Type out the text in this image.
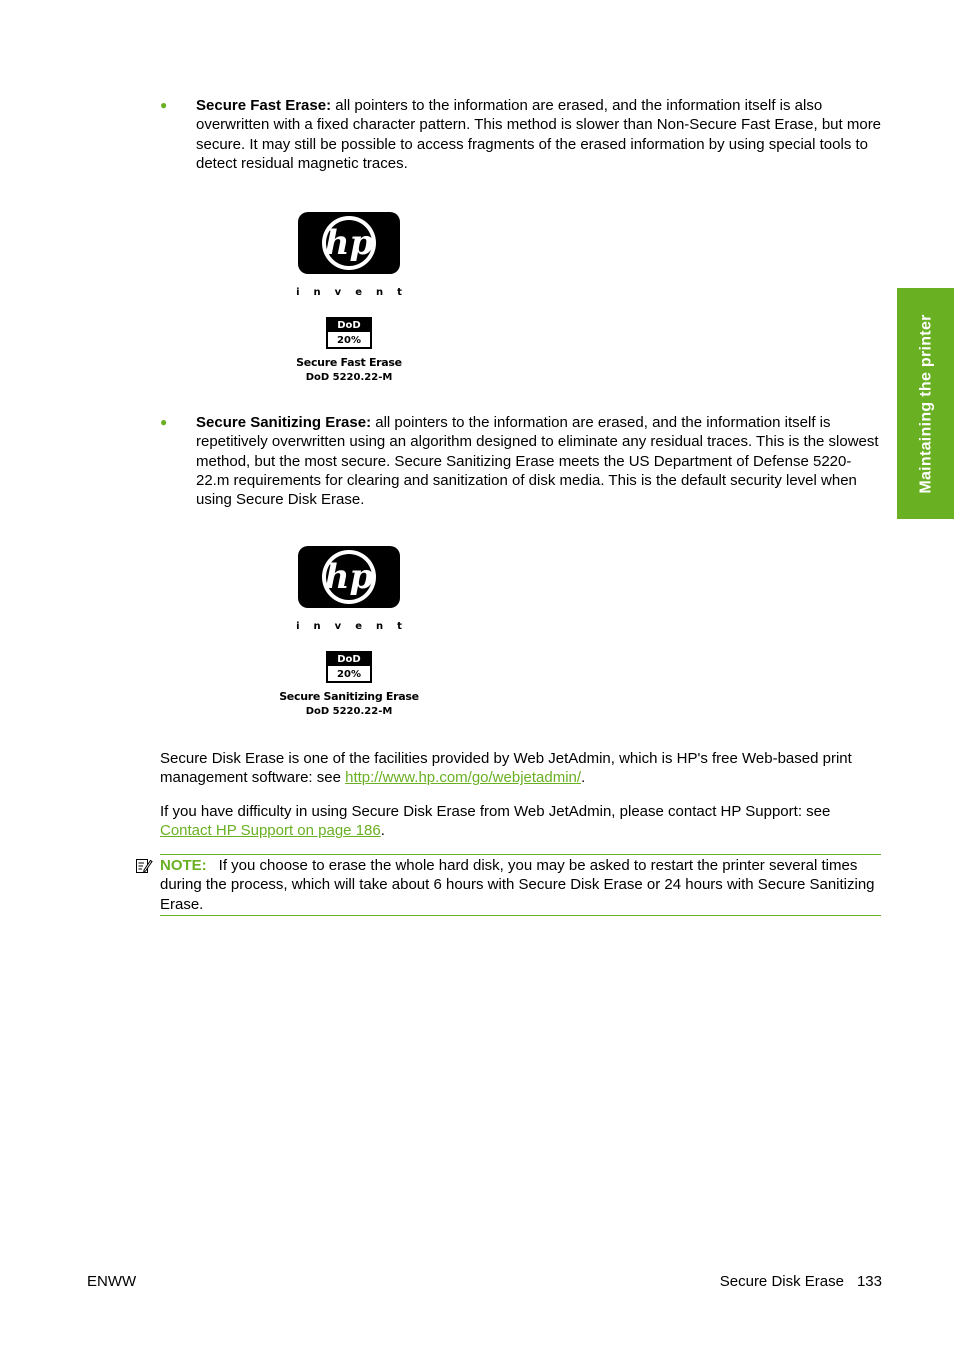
●	Secure Fast Erase: all pointers to the information are erased, and the information itself is also overwritten with a fixed character pattern. This method is slower than Non-Secure Fast Erase, but more secure. It may still be possible to access fragments of the erased information by using special tools to detect residual magnetic traces.
hp
invent
DoD
20%
Secure Fast Erase
DoD 5220.22-M
●	Secure Sanitizing Erase: all pointers to the information are erased, and the information itself is repetitively overwritten using an algorithm designed to eliminate any residual traces. This is the slowest method, but the most secure. Secure Sanitizing Erase meets the US Department of Defense 5220-22.m requirements for clearing and sanitization of disk media. This is the default security level when using Secure Disk Erase.
hp
invent
DoD
20%
Secure Sanitizing Erase
DoD 5220.22-M
Secure Disk Erase is one of the facilities provided by Web JetAdmin, which is HP's free Web-based print management software: see http://www.hp.com/go/webjetadmin/.
If you have difficulty in using Secure Disk Erase from Web JetAdmin, please contact HP Support: see Contact HP Support on page 186.
NOTE: If you choose to erase the whole hard disk, you may be asked to restart the printer several times during the process, which will take about 6 hours with Secure Disk Erase or 24 hours with Secure Sanitizing Erase.
Maintaining the printer
ENWW	Secure Disk Erase 133
